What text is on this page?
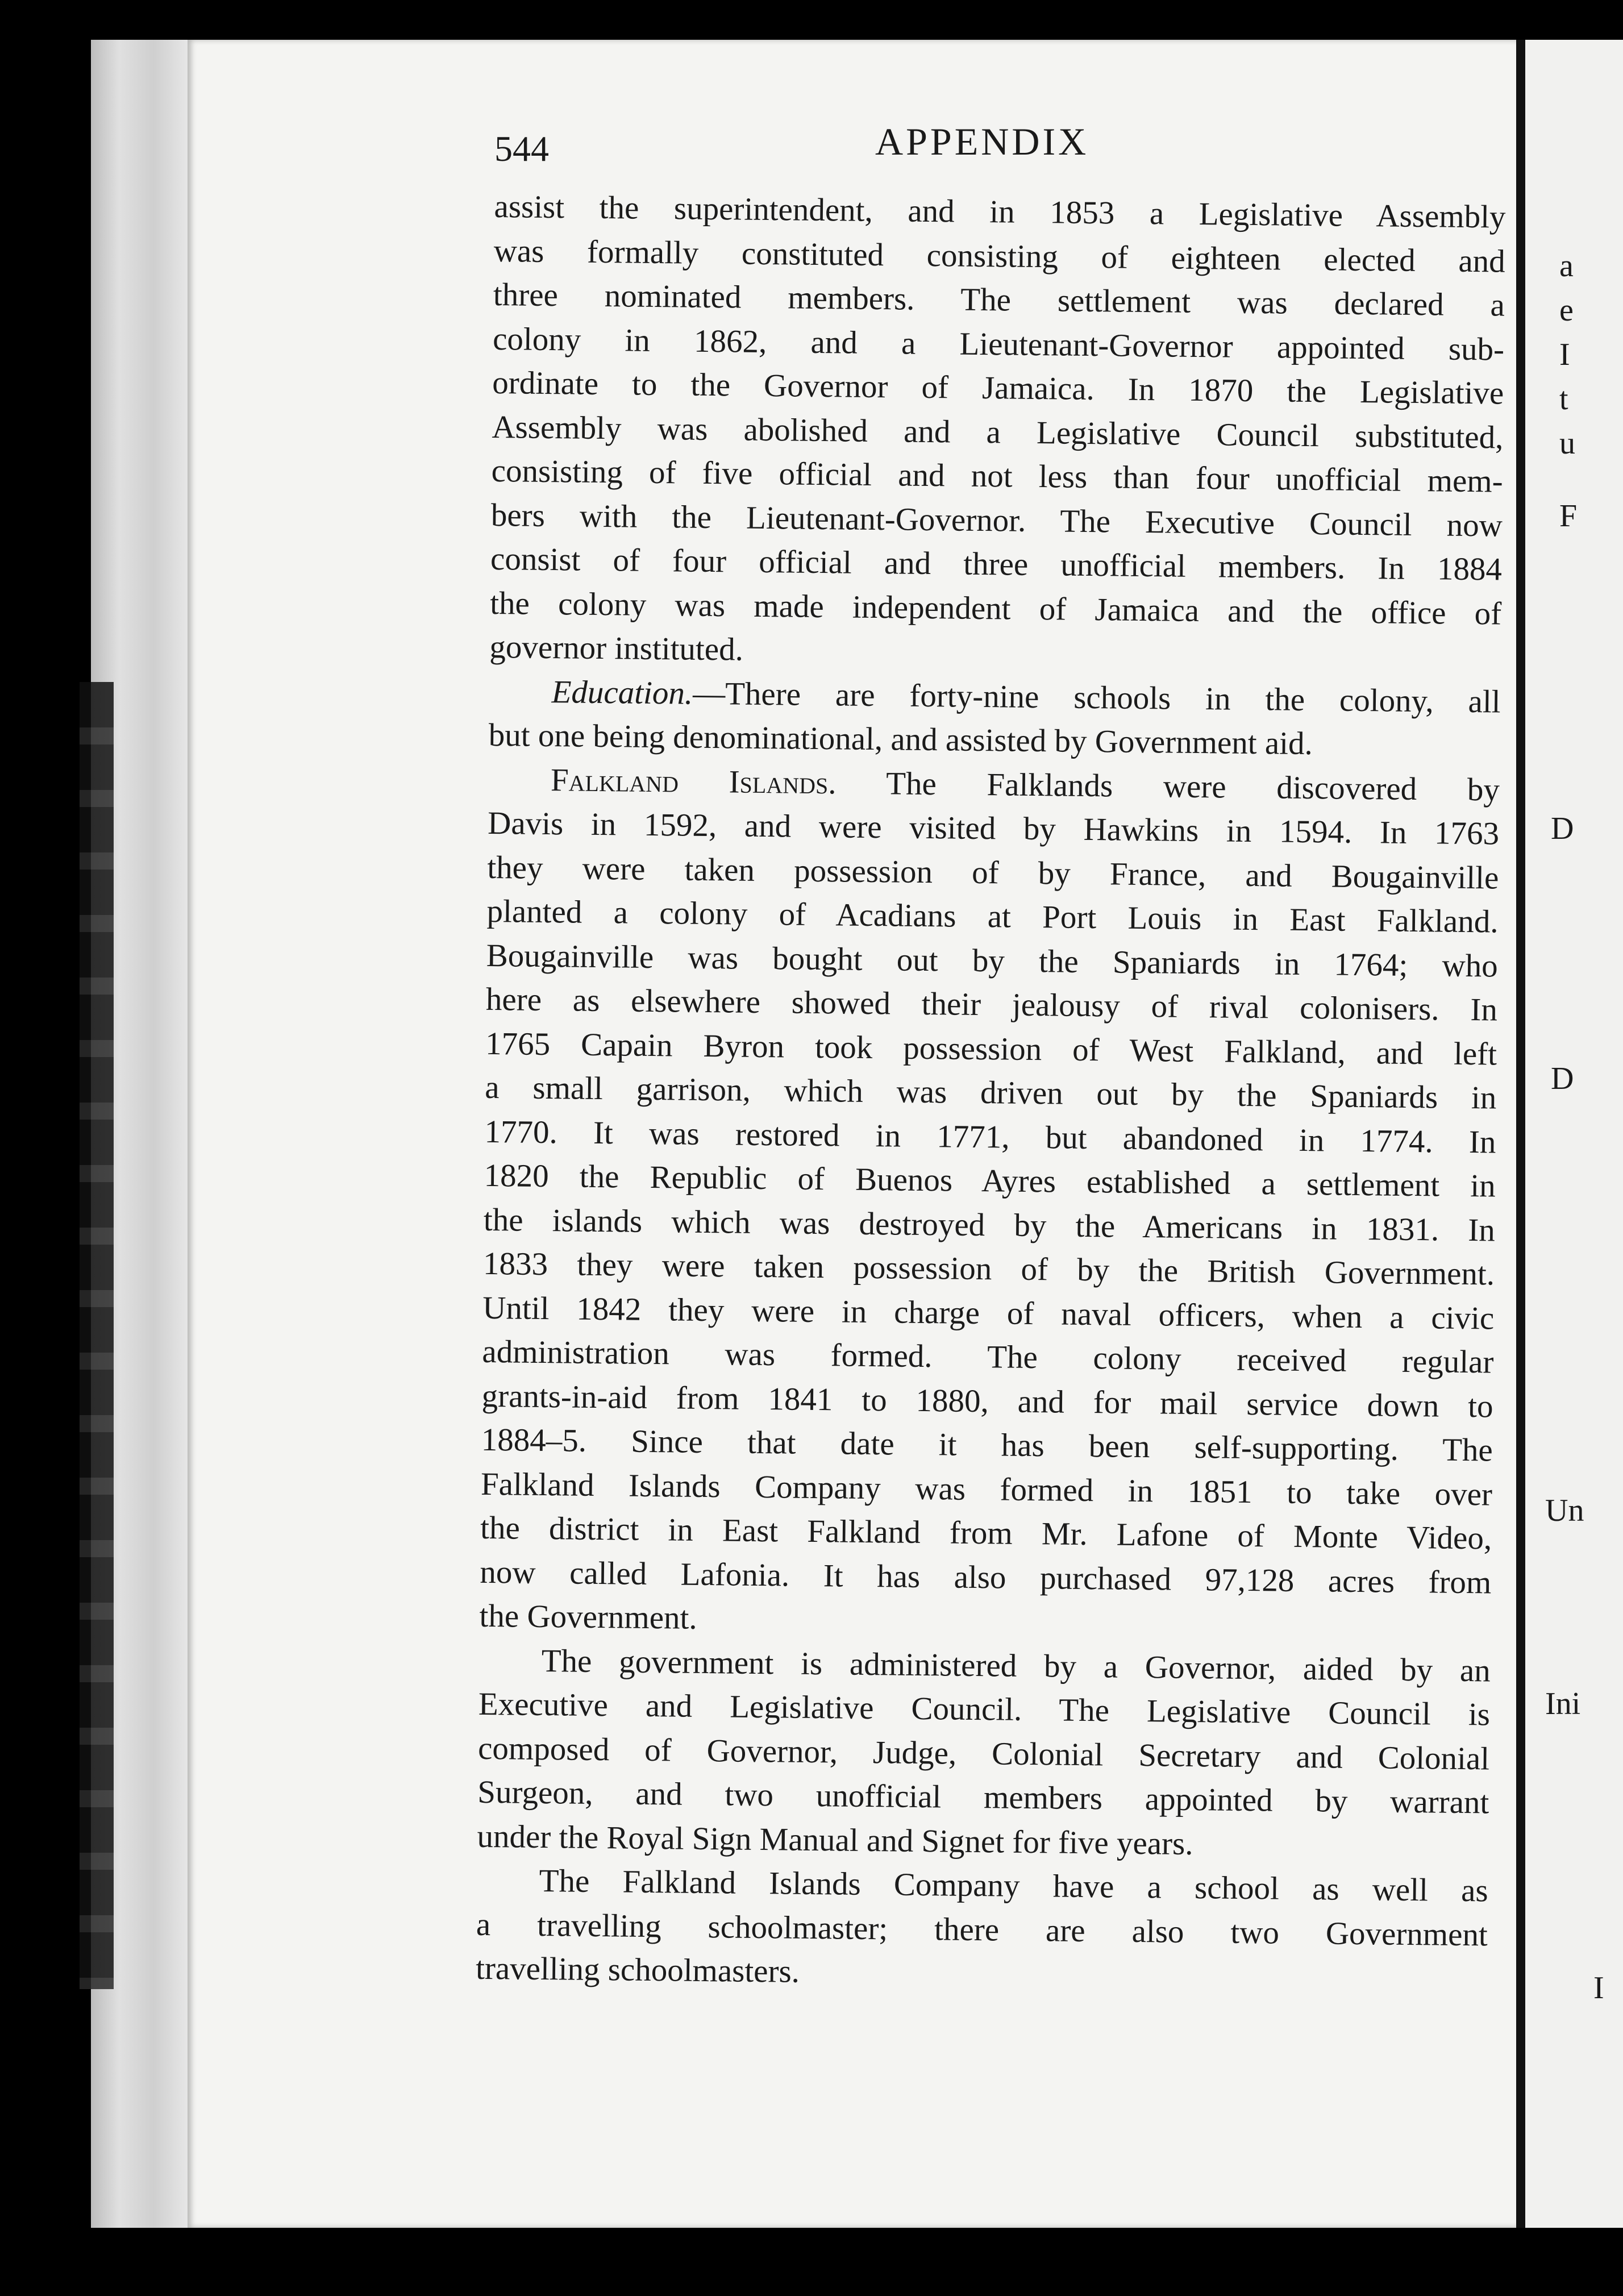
a
e
I
t
u
F
D
D
Un
Ini
I
544	APPENDIX
assist the superintendent, and in 1853 a Legislative Assembly
was formally constituted consisting of eighteen elected and
three nominated members. The settlement was declared a
colony in 1862, and a Lieutenant-Governor appointed sub-
ordinate to the Governor of Jamaica. In 1870 the Legislative
Assembly was abolished and a Legislative Council substituted,
consisting of five official and not less than four unofficial mem-
bers with the Lieutenant-Governor. The Executive Council now
consist of four official and three unofficial members. In 1884
the colony was made independent of Jamaica and the office of
governor instituted.
Education.—There are forty-nine schools in the colony, all
but one being denominational, and assisted by Government aid.
Falkland Islands. The Falklands were discovered by
Davis in 1592, and were visited by Hawkins in 1594. In 1763
they were taken possession of by France, and Bougainville
planted a colony of Acadians at Port Louis in East Falkland.
Bougainville was bought out by the Spaniards in 1764; who
here as elsewhere showed their jealousy of rival colonisers. In
1765 Capain Byron took possession of West Falkland, and left
a small garrison, which was driven out by the Spaniards in
1770. It was restored in 1771, but abandoned in 1774. In
1820 the Republic of Buenos Ayres established a settlement in
the islands which was destroyed by the Americans in 1831. In
1833 they were taken possession of by the British Government.
Until 1842 they were in charge of naval officers, when a civic
administration was formed. The colony received regular
grants-in-aid from 1841 to 1880, and for mail service down to
1884–5. Since that date it has been self-supporting. The
Falkland Islands Company was formed in 1851 to take over
the district in East Falkland from Mr. Lafone of Monte Video,
now called Lafonia. It has also purchased 97,128 acres from
the Government.
The government is administered by a Governor, aided by an
Executive and Legislative Council. The Legislative Council is
composed of Governor, Judge, Colonial Secretary and Colonial
Surgeon, and two unofficial members appointed by warrant
under the Royal Sign Manual and Signet for five years.
The Falkland Islands Company have a school as well as
a travelling schoolmaster; there are also two Government
travelling schoolmasters.
